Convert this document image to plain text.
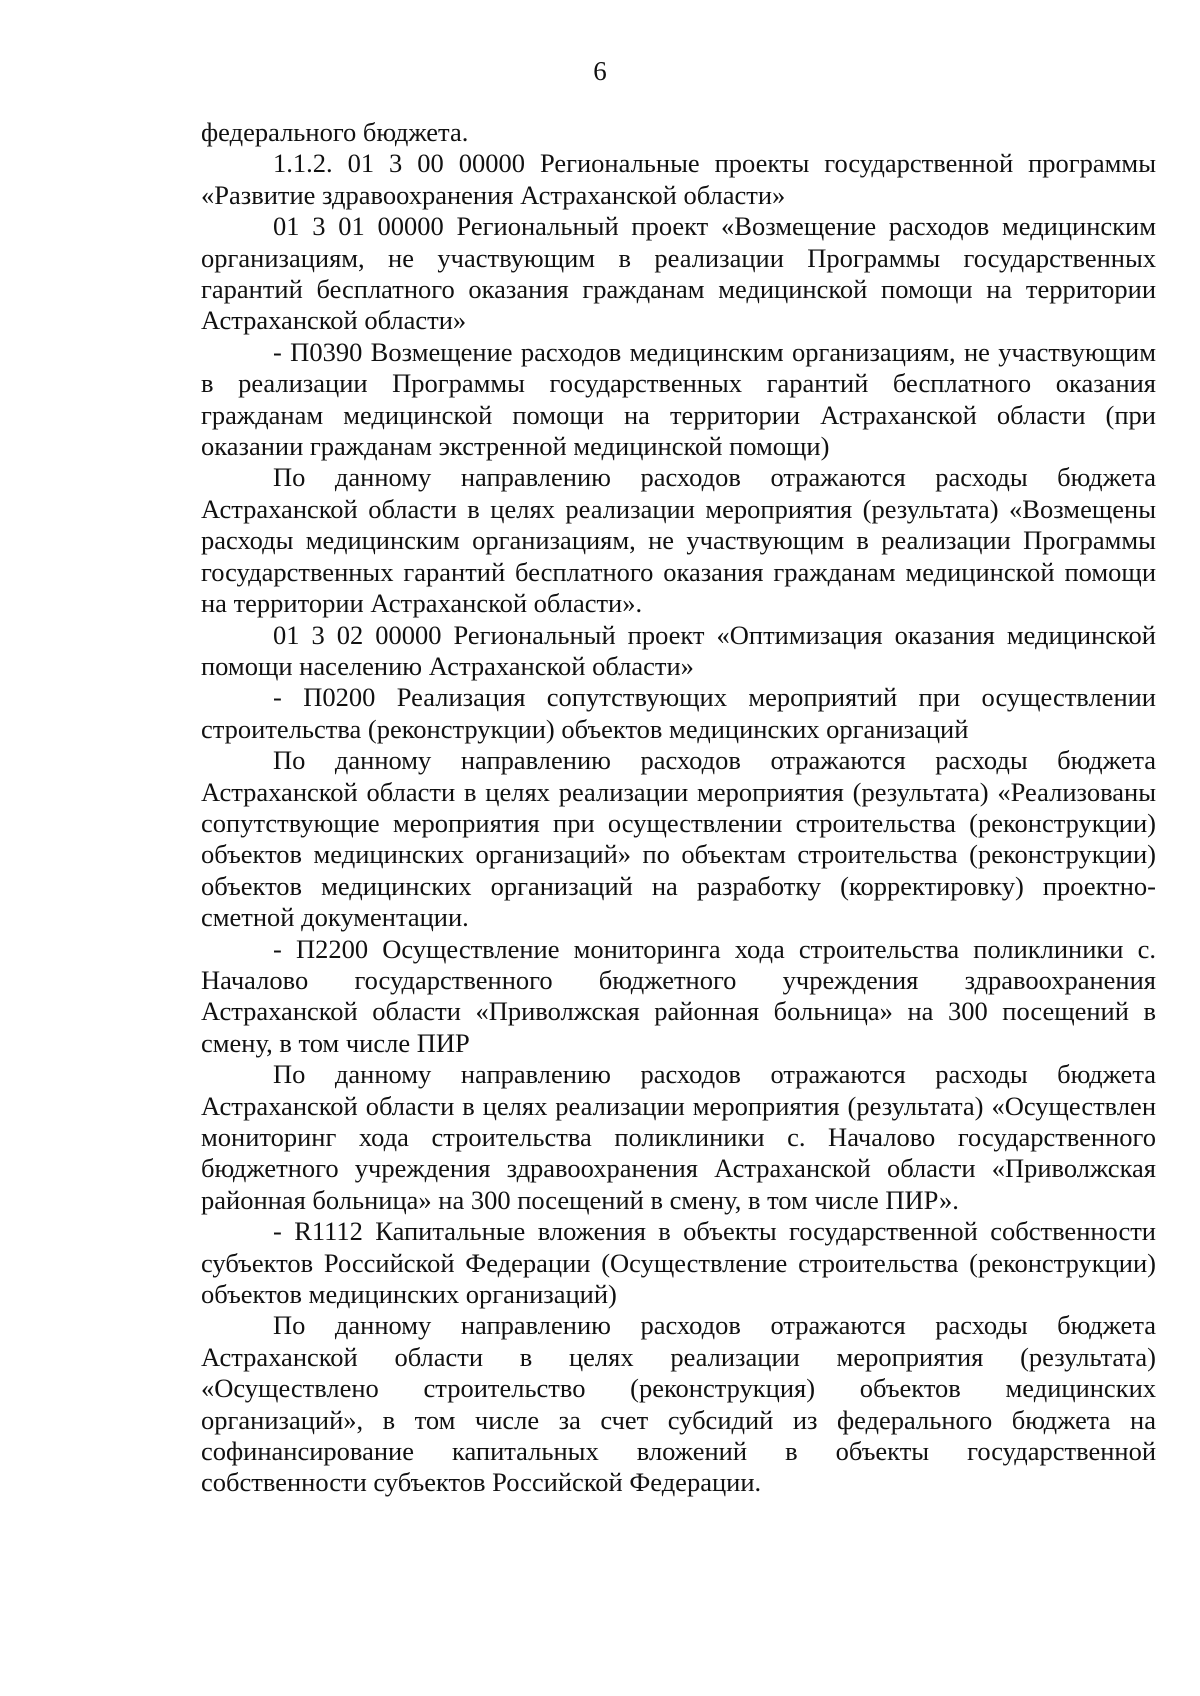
6

федерального бюджета.

1.1.2. 01 3 00 00000 Региональные проекты государственной программы «Развитие здравоохранения Астраханской области»

01 3 01 00000 Региональный проект «Возмещение расходов медицинским организациям, не участвующим в реализации Программы государственных гарантий бесплатного оказания гражданам медицинской помощи на территории Астраханской области»

- П0390 Возмещение расходов медицинским организациям, не участвующим в реализации Программы государственных гарантий бесплатного оказания гражданам медицинской помощи на территории Астраханской области (при оказании гражданам экстренной медицинской помощи)

По данному направлению расходов отражаются расходы бюджета Астраханской области в целях реализации мероприятия (результата) «Возмещены расходы медицинским организациям, не участвующим в реализации Программы государственных гарантий бесплатного оказания гражданам медицинской помощи на территории Астраханской области».

01 3 02 00000 Региональный проект «Оптимизация оказания медицинской помощи населению Астраханской области»

- П0200 Реализация сопутствующих мероприятий при осуществлении строительства (реконструкции) объектов медицинских организаций

По данному направлению расходов отражаются расходы бюджета Астраханской области в целях реализации мероприятия (результата) «Реализованы сопутствующие мероприятия при осуществлении строительства (реконструкции) объектов медицинских организаций» по объектам строительства (реконструкции) объектов медицинских организаций на разработку (корректировку) проектно-сметной документации.

- П2200 Осуществление мониторинга хода строительства поликлиники с. Началово государственного бюджетного учреждения здравоохранения Астраханской области «Приволжская районная больница» на 300 посещений в смену, в том числе ПИР

По данному направлению расходов отражаются расходы бюджета Астраханской области в целях реализации мероприятия (результата) «Осуществлен мониторинг хода строительства поликлиники с. Началово государственного бюджетного учреждения здравоохранения Астраханской области «Приволжская районная больница» на 300 посещений в смену, в том числе ПИР».

- R1112 Капитальные вложения в объекты государственной собственности субъектов Российской Федерации (Осуществление строительства (реконструкции) объектов медицинских организаций)

По данному направлению расходов отражаются расходы бюджета Астраханской области в целях реализации мероприятия (результата) «Осуществлено строительство (реконструкция) объектов медицинских организаций», в том числе за счет субсидий из федерального бюджета на софинансирование капитальных вложений в объекты государственной собственности субъектов Российской Федерации.
